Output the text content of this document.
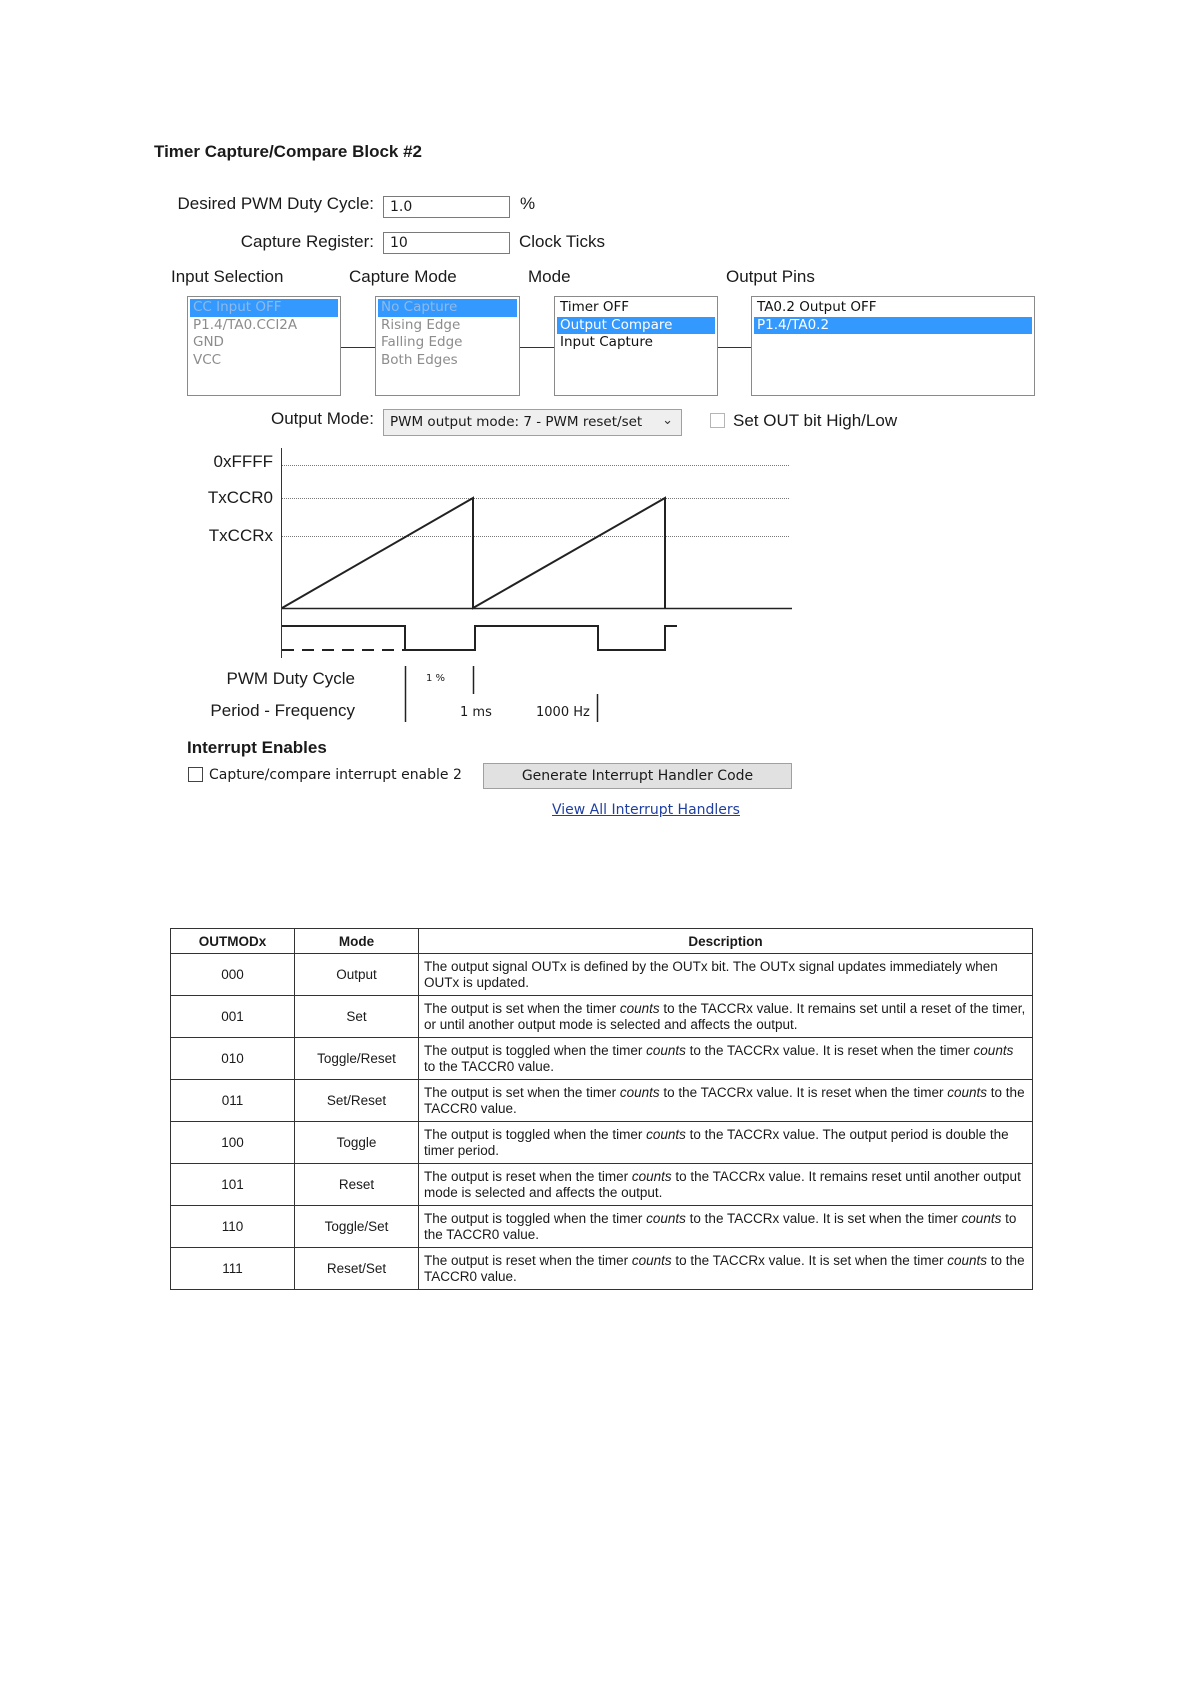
Timer Capture/Compare Block #2
Desired PWM Duty Cycle:	1.0	%
Capture Register:	10	Clock Ticks
Input Selection	Capture Mode	Mode	Output Pins
CC Input OFF
P1.4/TA0.CCI2A
GND
VCC
No Capture
Rising Edge
Falling Edge
Both Edges
Timer OFF
Output Compare
Input Capture
TA0.2 Output OFF
P1.4/TA0.2
Output Mode:	PWM output mode: 7 - PWM reset/set ⌄	Set OUT bit High/Low
0xFFFF
TxCCR0
TxCCRx
PWM Duty Cycle	1 %
Period - Frequency	1 ms	1000 Hz
Interrupt Enables
Capture/compare interrupt enable 2	Generate Interrupt Handler Code
View All Interrupt Handlers
OUTMODx	Mode	Description
000	Output	The output signal OUTx is defined by the OUTx bit. The OUTx signal updates immediately when OUTx is updated.
001	Set	The output is set when the timer counts to the TACCRx value. It remains set until a reset of the timer, or until another output mode is selected and affects the output.
010	Toggle/Reset	The output is toggled when the timer counts to the TACCRx value. It is reset when the timer counts to the TACCR0 value.
011	Set/Reset	The output is set when the timer counts to the TACCRx value. It is reset when the timer counts to the TACCR0 value.
100	Toggle	The output is toggled when the timer counts to the TACCRx value. The output period is double the timer period.
101	Reset	The output is reset when the timer counts to the TACCRx value. It remains reset until another output mode is selected and affects the output.
110	Toggle/Set	The output is toggled when the timer counts to the TACCRx value. It is set when the timer counts to the TACCR0 value.
111	Reset/Set	The output is reset when the timer counts to the TACCRx value. It is set when the timer counts to the TACCR0 value.
